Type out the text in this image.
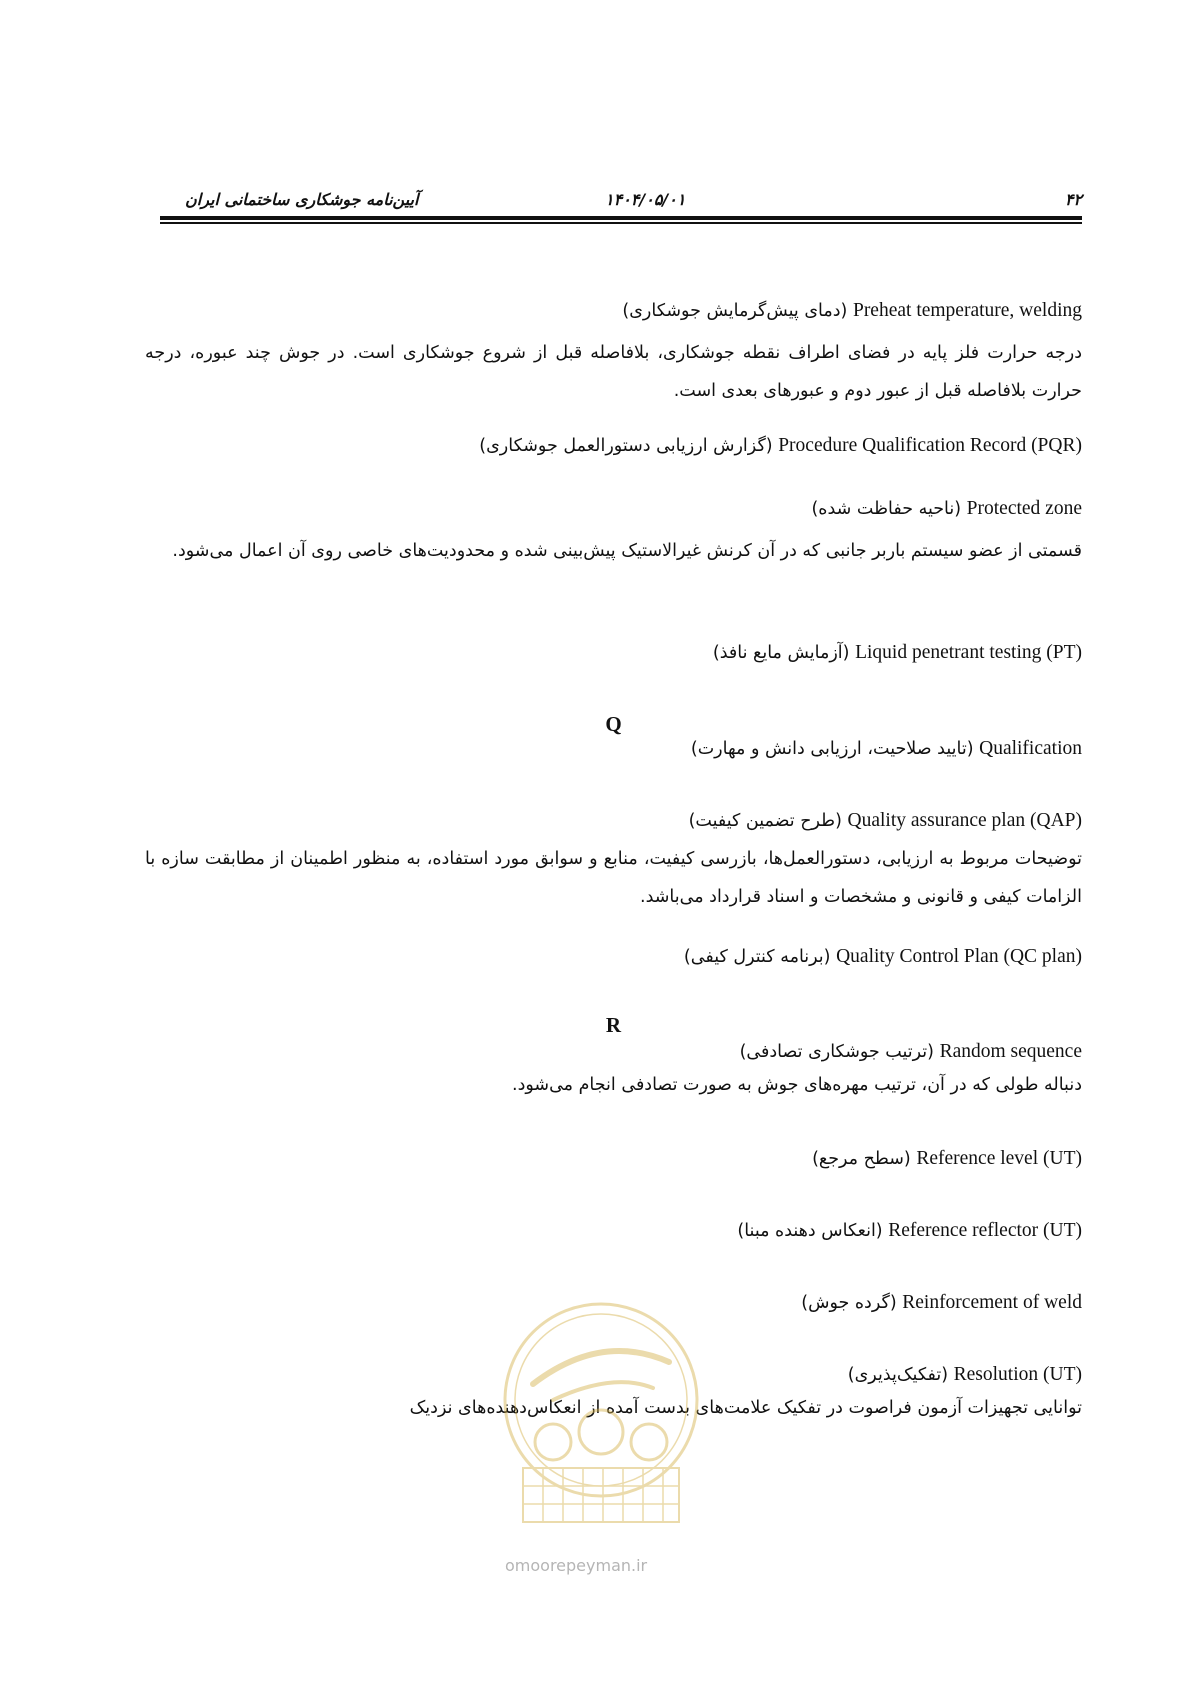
آیین‌نامه جوشکاری ساختمانی ایران	۱۴۰۴/۰۵/۰۱	۴۲
Preheat temperature, welding (دمای پیش‌گرمایش جوشکاری)
درجه حرارت فلز پایه در فضای اطراف نقطه جوشکاری، بلافاصله قبل از شروع جوشکاری است. در جوش چند عبوره، درجه حرارت بلافاصله قبل از عبور دوم و عبورهای بعدی است.
Procedure Qualification Record (PQR) (گزارش ارزیابی دستورالعمل جوشکاری)
Protected zone (ناحیه حفاظت شده)
قسمتی از عضو سیستم باربر جانبی که در آن کرنش غیرالاستیک پیش‌بینی شده و محدودیت‌های خاصی روی آن اعمال می‌شود.
Liquid penetrant testing (PT) (آزمایش مایع نافذ)
Q
Qualification (تایید صلاحیت، ارزیابی دانش و مهارت)
Quality assurance plan (QAP) (طرح تضمین کیفیت)
توضیحات مربوط به ارزیابی، دستورالعمل‌ها، بازرسی کیفیت، منابع و سوابق مورد استفاده، به منظور اطمینان از مطابقت سازه با الزامات کیفی و قانونی و مشخصات و اسناد قرارداد می‌باشد.
Quality Control Plan (QC plan) (برنامه کنترل کیفی)
R
Random sequence (ترتیب جوشکاری تصادفی)
دنباله طولی که در آن، ترتیب مهره‌های جوش به صورت تصادفی انجام می‌شود.
Reference level (UT) (سطح مرجع)
Reference reflector (UT) (انعکاس دهنده مبنا)
Reinforcement of weld (گرده جوش)
Resolution (UT) (تفکیک‌پذیری)
توانایی تجهیزات آزمون فراصوت در تفکیک علامت‌های بدست آمده از انعکاس‌دهنده‌های نزدیک
omoorepeyman.ir
